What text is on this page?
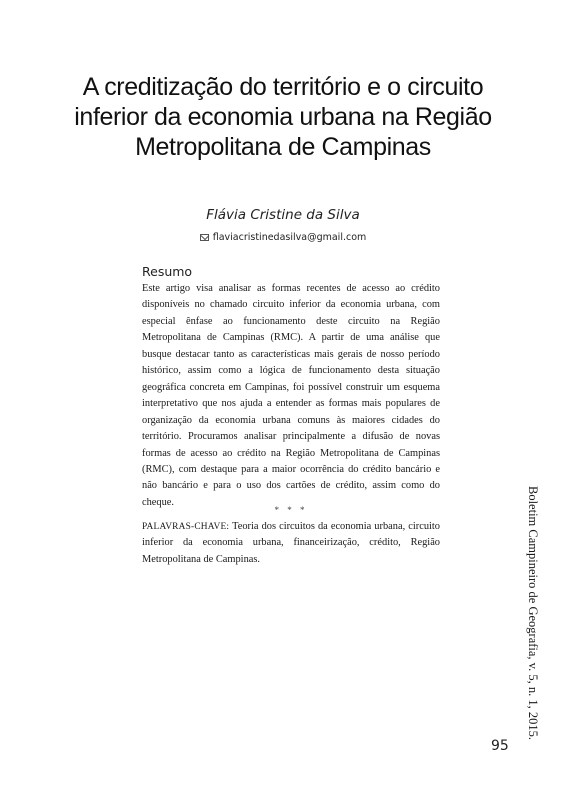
A creditização do território e o circuito inferior da economia urbana na Região Metropolitana de Campinas
Flávia Cristine da Silva
flaviacristinedasilva@gmail.com
Resumo
Este artigo visa analisar as formas recentes de acesso ao crédito disponíveis no chamado circuito inferior da economia urbana, com especial ênfase ao funcionamento deste circuito na Região Metropolitana de Campinas (RMC). A partir de uma análise que busque destacar tanto as características mais gerais de nosso período histórico, assim como a lógica de funcionamento desta situação geográfica concreta em Campinas, foi possível construir um esquema interpretativo que nos ajuda a entender as formas mais populares de organização da economia urbana comuns às maiores cidades do território. Procuramos analisar principalmente a difusão de novas formas de acesso ao crédito na Região Metropolitana de Campinas (RMC), com destaque para a maior ocorrência do crédito bancário e não bancário e para o uso dos cartões de crédito, assim como do cheque.
* * *
PALAVRAS-CHAVE: Teoria dos circuitos da economia urbana, circuito inferior da economia urbana, financeirização, crédito, Região Metropolitana de Campinas.	Boletim Campineiro de Geografia, v. 5, n. 1, 2015.
95
